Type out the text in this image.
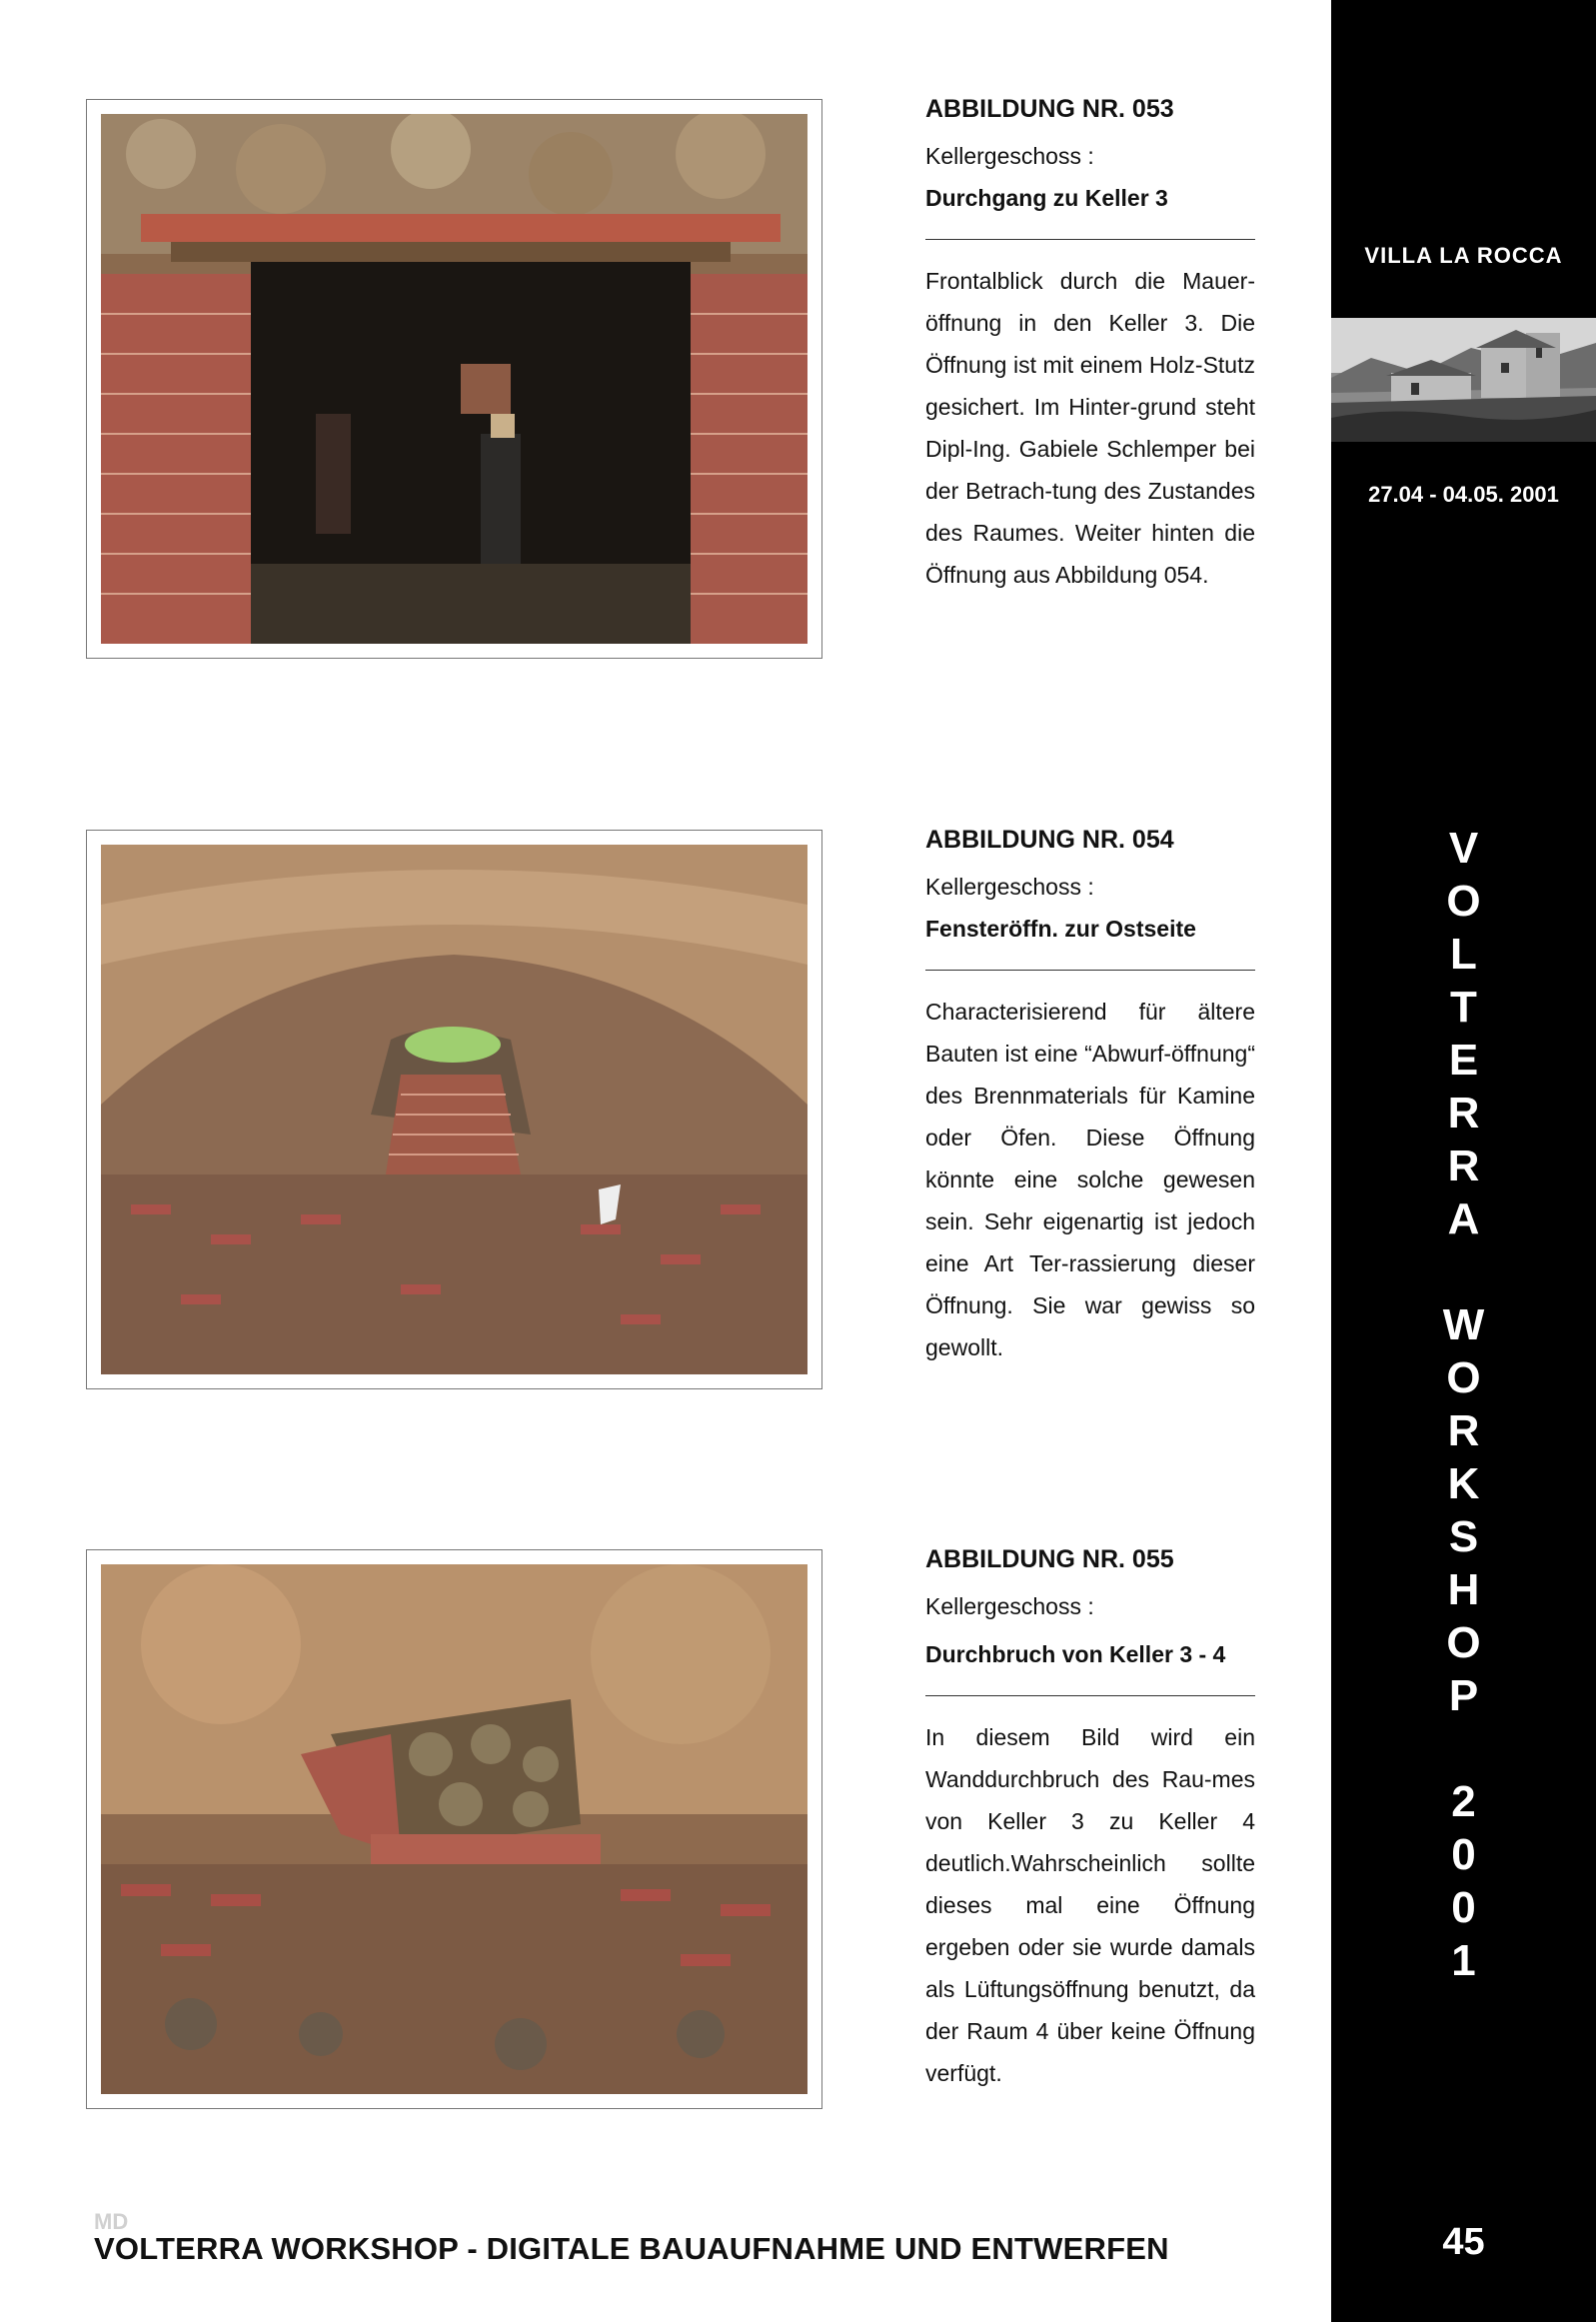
VILLA LA ROCCA
27.04 - 04.05. 2001
V
O
L
T
E
R
R
A
W
O
R
K
S
H
O
P
2
0
0
1
45
ABBILDUNG NR. 053
Kellergeschoss :
Durchgang zu Keller 3
Frontalblick durch die Mauer-öffnung in den Keller 3. Die Öffnung ist mit einem Holz-Stutz gesichert. Im Hinter-grund steht Dipl-Ing. Gabiele Schlemper bei der Betrach-tung des Zustandes des Raumes. Weiter hinten die Öffnung aus Abbildung 054.
ABBILDUNG NR. 054
Kellergeschoss :
Fensteröffn. zur Ostseite
Characterisierend für ältere Bauten ist eine “Abwurf-öffnung“ des Brennmaterials für Kamine oder Öfen. Diese Öffnung könnte eine solche gewesen sein. Sehr eigenartig ist jedoch eine Art Ter-rassierung dieser Öffnung. Sie war gewiss so gewollt.
ABBILDUNG NR. 055
Kellergeschoss :
Durchbruch von Keller 3 - 4
In diesem Bild wird ein Wanddurchbruch des Rau-mes von Keller 3 zu Keller 4 deutlich.Wahrscheinlich sollte dieses mal eine Öffnung ergeben oder sie wurde damals als Lüftungsöffnung benutzt, da der Raum 4 über keine Öffnung verfügt.
MD
VOLTERRA WORKSHOP - DIGITALE BAUAUFNAHME UND ENTWERFEN
